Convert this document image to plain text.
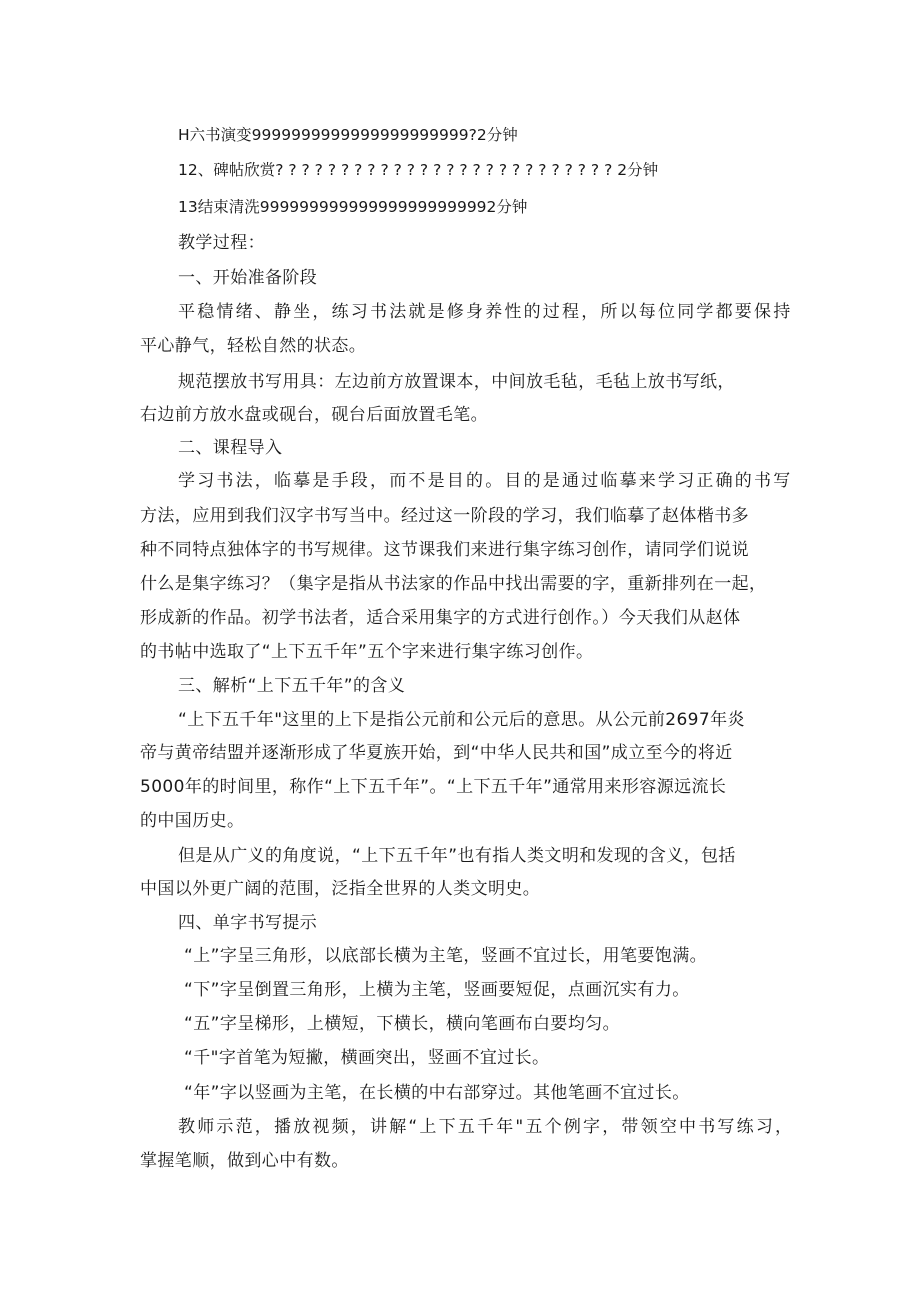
H六书演变9999999999999999999999?2分钟
12、碑帖欣赏? ? ? ? ? ? ? ? ? ? ? ? ? ? ? ? ? ? ? ? ? ? ? ? ? ? 2分钟
13结束清洗999999999999999999999992分钟
教学过程：
一、开始准备阶段
平稳情绪、静坐，练习书法就是修身养性的过程，所以每位同学都要保持
平心静气，轻松自然的状态。
规范摆放书写用具：左边前方放置课本，中间放毛毡，毛毡上放书写纸，
右边前方放水盘或砚台，砚台后面放置毛笔。
二、课程导入
学习书法，临摹是手段，而不是目的。目的是通过临摹来学习正确的书写
方法，应用到我们汉字书写当中。经过这一阶段的学习，我们临摹了赵体楷书多
种不同特点独体字的书写规律。这节课我们来进行集字练习创作，请同学们说说
什么是集字练习？（集字是指从书法家的作品中找出需要的字，重新排列在一起，
形成新的作品。初学书法者，适合采用集字的方式进行创作。）今天我们从赵体
的书帖中选取了“上下五千年”五个字来进行集字练习创作。
三、解析“上下五千年”的含义
“上下五千年"这里的上下是指公元前和公元后的意思。从公元前2697年炎
帝与黄帝结盟并逐渐形成了华夏族开始，到“中华人民共和国”成立至今的将近
5000年的时间里，称作“上下五千年”。“上下五千年”通常用来形容源远流长
的中国历史。
但是从广义的角度说，“上下五千年”也有指人类文明和发现的含义，包括
中国以外更广阔的范围，泛指全世界的人类文明史。
四、单字书写提示
“上”字呈三角形，以底部长横为主笔，竖画不宜过长，用笔要饱满。
“下”字呈倒置三角形，上横为主笔，竖画要短促，点画沉实有力。
“五”字呈梯形，上横短，下横长，横向笔画布白要均匀。
“千"字首笔为短撇，横画突出，竖画不宜过长。
“年”字以竖画为主笔，在长横的中右部穿过。其他笔画不宜过长。
教师示范，播放视频，讲解“上下五千年"五个例字，带领空中书写练习，
掌握笔顺，做到心中有数。
